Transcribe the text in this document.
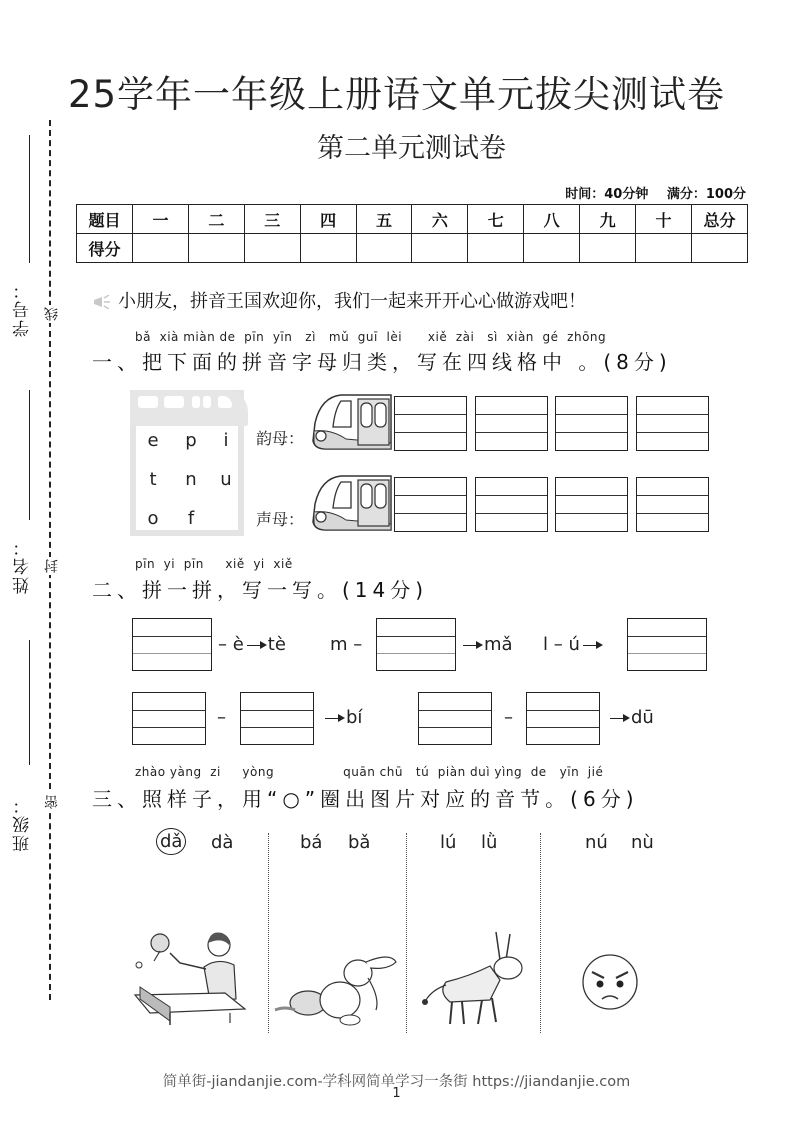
学号： 线
姓名： 封
班级： 密
25学年一年级上册语文单元拔尖测试卷
第二单元测试卷
时间：40分钟 满分：100分
题目	一	二	三	四	五	六	七	八	九	十	总分
得分											
小朋友，拼音王国欢迎你，我们一起来开开心心做游戏吧！
bǎ  xià miàn de  pīn  yīn   zì   mǔ  guī  lèi      xiě  zài   sì  xiàn  gé  zhōng
一、把下面的拼音字母归类，写在四线格中 。(8分)
e p	i
t	n u
o	f
韵母：
声母：
pīn  yi  pīn     xiě  yi  xiě
二、拼一拼，写一写。(14分)
– è tè m –	mǎ l – ú
–	bí	–	dū
zhào yàng  zi     yòng                quān chū   tú  piàn duì yìng  de   yīn  jié
三、照样子，用“○”圈出图片对应的音节。(6分)
dǎ dà	bá bǎ	lú lǜ	nú nù
简单街-jiandanjie.com-学科网简单学习一条街 https://jiandanjie.com
1
